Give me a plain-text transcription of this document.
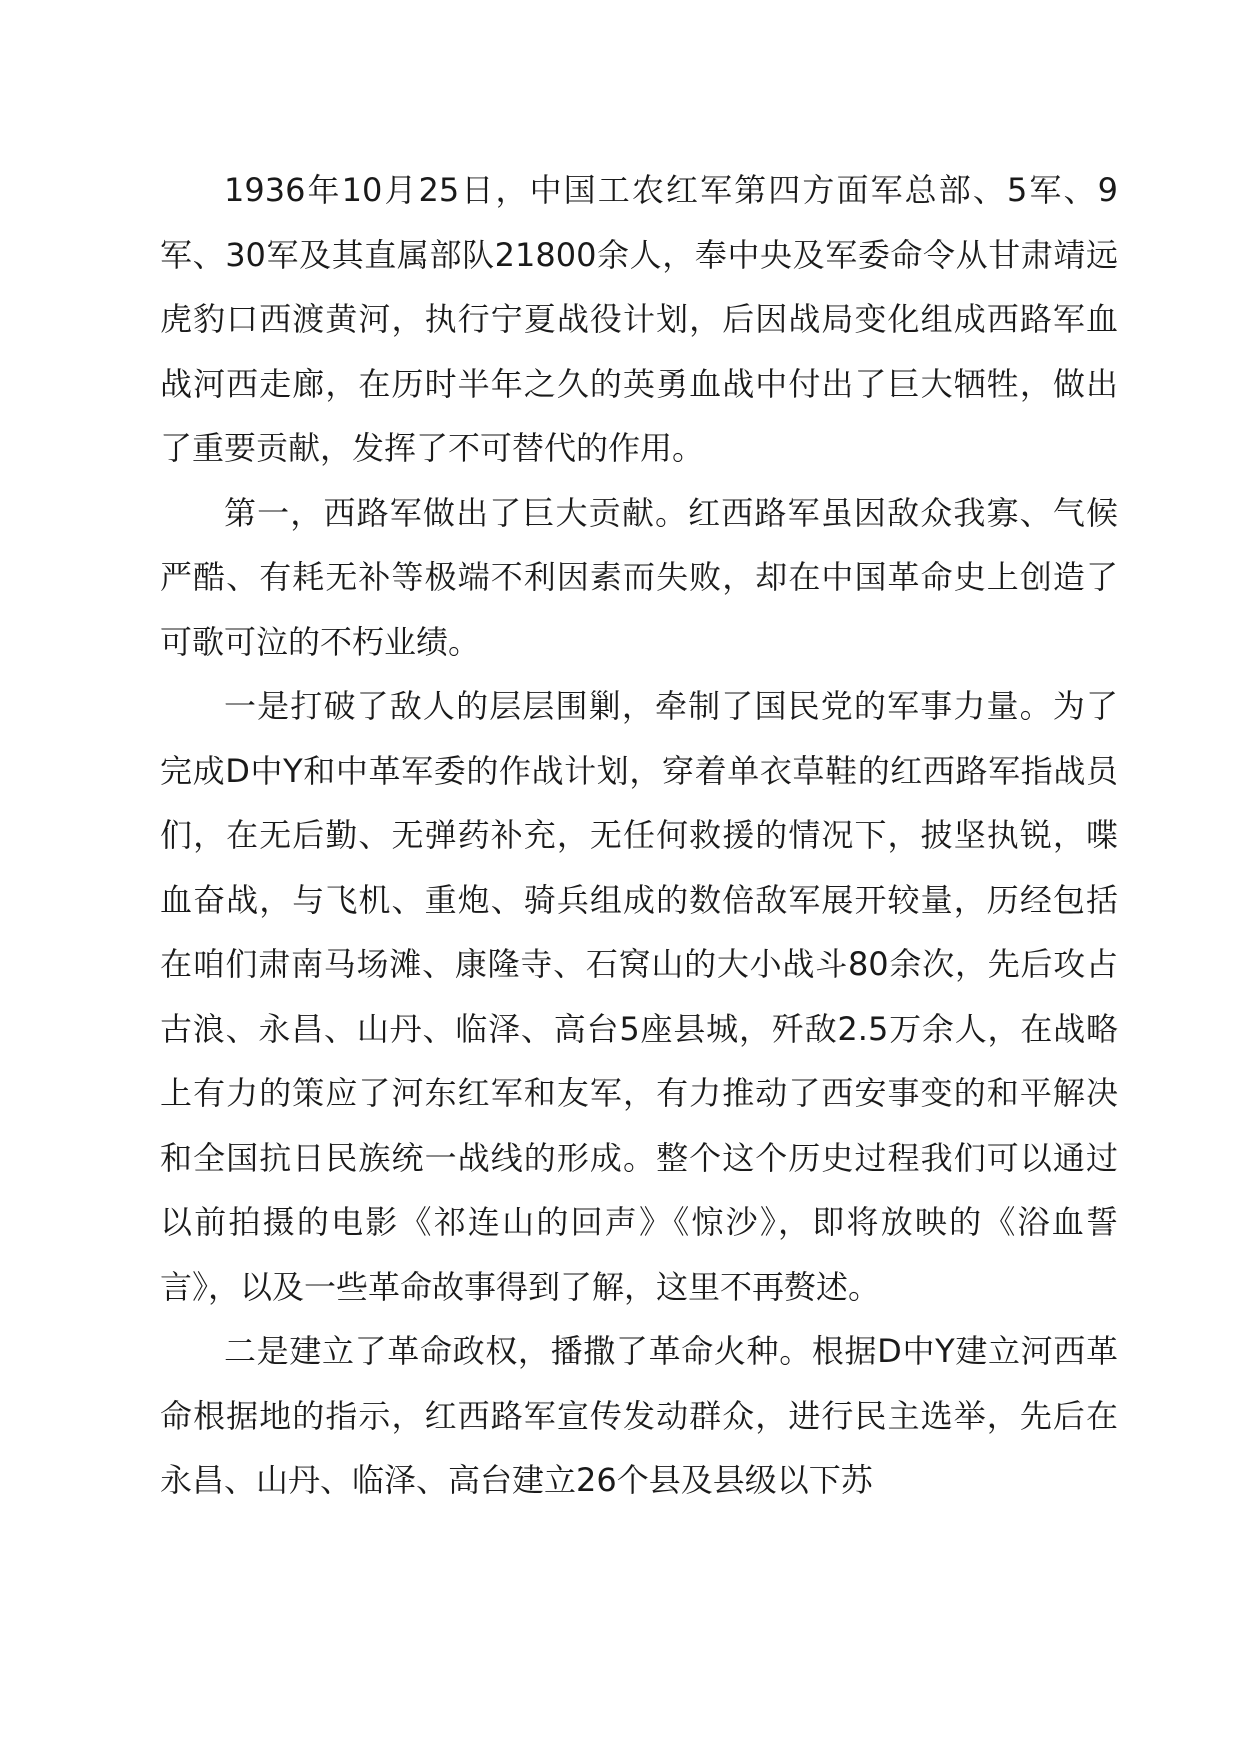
1936年10月25日，中国工农红军第四方面军总部、5军、9军、30军及其直属部队21800余人，奉中央及军委命令从甘肃靖远虎豹口西渡黄河，执行宁夏战役计划，后因战局变化组成西路军血战河西走廊，在历时半年之久的英勇血战中付出了巨大牺牲，做出了重要贡献，发挥了不可替代的作用。

第一，西路军做出了巨大贡献。红西路军虽因敌众我寡、气候严酷、有耗无补等极端不利因素而失败，却在中国革命史上创造了可歌可泣的不朽业绩。

一是打破了敌人的层层围剿，牵制了国民党的军事力量。为了完成D中Y和中革军委的作战计划，穿着单衣草鞋的红西路军指战员们，在无后勤、无弹药补充，无任何救援的情况下，披坚执锐，喋血奋战，与飞机、重炮、骑兵组成的数倍敌军展开较量，历经包括在咱们肃南马场滩、康隆寺、石窝山的大小战斗80余次，先后攻占古浪、永昌、山丹、临泽、高台5座县城，歼敌2.5万余人，在战略上有力的策应了河东红军和友军，有力推动了西安事变的和平解决和全国抗日民族统一战线的形成。整个这个历史过程我们可以通过以前拍摄的电影《祁连山的回声》《惊沙》，即将放映的《浴血誓言》，以及一些革命故事得到了解，这里不再赘述。

二是建立了革命政权，播撒了革命火种。根据D中Y建立河西革命根据地的指示，红西路军宣传发动群众，进行民主选举，先后在永昌、山丹、临泽、高台建立26个县及县级以下苏
